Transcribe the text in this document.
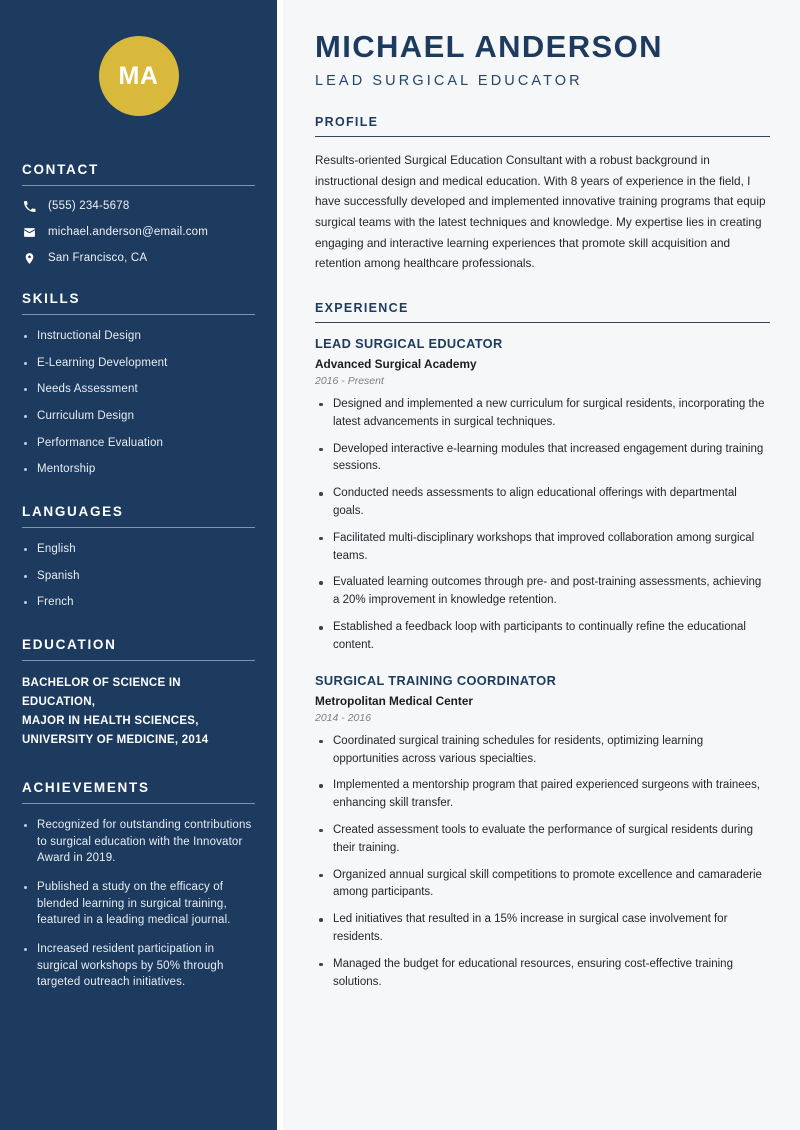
MA
CONTACT
(555) 234-5678
michael.anderson@email.com
San Francisco, CA
SKILLS
Instructional Design
E-Learning Development
Needs Assessment
Curriculum Design
Performance Evaluation
Mentorship
LANGUAGES
English
Spanish
French
EDUCATION
BACHELOR OF SCIENCE IN EDUCATION,
MAJOR IN HEALTH SCIENCES,
UNIVERSITY OF MEDICINE, 2014
ACHIEVEMENTS
Recognized for outstanding contributions to surgical education with the Innovator Award in 2019.
Published a study on the efficacy of blended learning in surgical training, featured in a leading medical journal.
Increased resident participation in surgical workshops by 50% through targeted outreach initiatives.
MICHAEL ANDERSON
LEAD SURGICAL EDUCATOR
PROFILE

Results-oriented Surgical Education Consultant with a robust background in instructional design and medical education. With 8 years of experience in the field, I have successfully developed and implemented innovative training programs that equip surgical teams with the latest techniques and knowledge. My expertise lies in creating engaging and interactive learning experiences that promote skill acquisition and retention among healthcare professionals.

EXPERIENCE
LEAD SURGICAL EDUCATOR
Advanced Surgical Academy
2016 - Present
Designed and implemented a new curriculum for surgical residents, incorporating the latest advancements in surgical techniques.
Developed interactive e-learning modules that increased engagement during training sessions.
Conducted needs assessments to align educational offerings with departmental goals.
Facilitated multi-disciplinary workshops that improved collaboration among surgical teams.
Evaluated learning outcomes through pre- and post-training assessments, achieving a 20% improvement in knowledge retention.
Established a feedback loop with participants to continually refine the educational content.
SURGICAL TRAINING COORDINATOR
Metropolitan Medical Center
2014 - 2016
Coordinated surgical training schedules for residents, optimizing learning opportunities across various specialties.
Implemented a mentorship program that paired experienced surgeons with trainees, enhancing skill transfer.
Created assessment tools to evaluate the performance of surgical residents during their training.
Organized annual surgical skill competitions to promote excellence and camaraderie among participants.
Led initiatives that resulted in a 15% increase in surgical case involvement for residents.
Managed the budget for educational resources, ensuring cost-effective training solutions.
